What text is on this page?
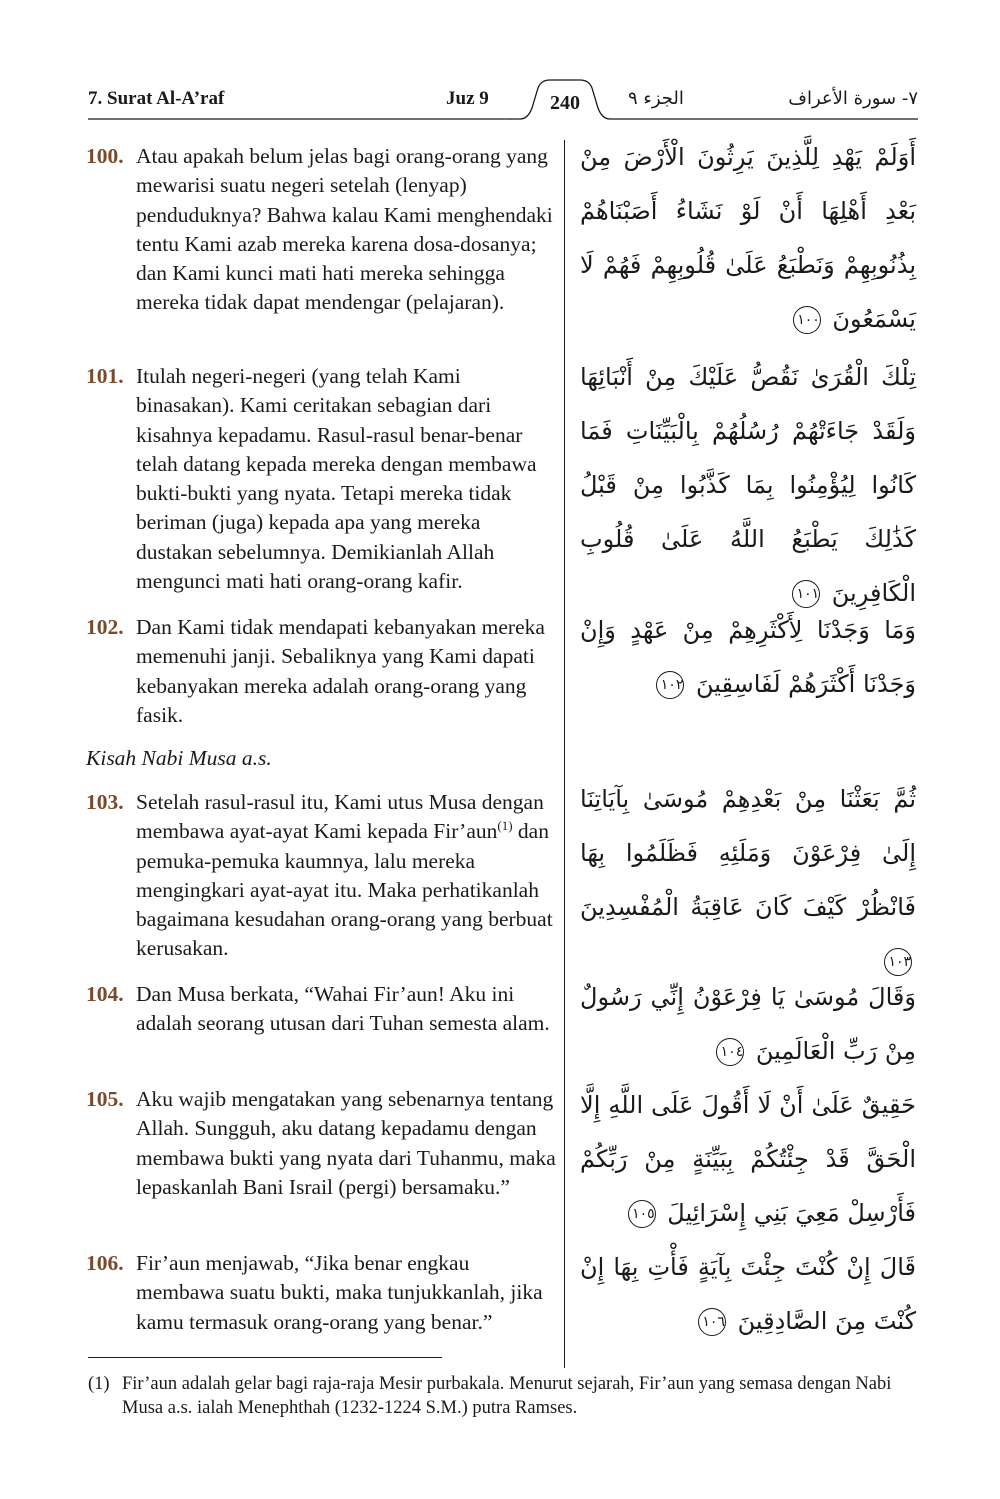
7. Surat Al-A’raf	Juz 9	240	الجزء ٩	٧- سورة الأعراف
100. Atau apakah belum jelas bagi orang-orang yang mewarisi suatu negeri setelah (lenyap) penduduknya? Bahwa kalau Kami menghendaki tentu Kami azab mereka karena dosa-dosanya; dan Kami kunci mati hati mereka sehingga mereka tidak dapat mendengar (pelajaran).
101. Itulah negeri-negeri (yang telah Kami binasakan). Kami ceritakan sebagian dari kisahnya kepadamu. Rasul-rasul benar-benar telah datang kepada mereka dengan membawa bukti-bukti yang nyata. Tetapi mereka tidak beriman (juga) kepada apa yang mereka dustakan sebelumnya. Demikianlah Allah mengunci mati hati orang-orang kafir.
102. Dan Kami tidak mendapati kebanyakan mereka memenuhi janji. Sebaliknya yang Kami dapati kebanyakan mereka adalah orang-orang yang fasik.
Kisah Nabi Musa a.s.
103. Setelah rasul-rasul itu, Kami utus Musa dengan membawa ayat-ayat Kami kepada Fir’aun$^{(1)}$ dan pemuka-pemuka kaumnya, lalu mereka mengingkari ayat-ayat itu. Maka perhatikanlah bagaimana kesudahan orang-orang yang berbuat kerusakan.
104. Dan Musa berkata, “Wahai Fir’aun! Aku ini adalah seorang utusan dari Tuhan semesta alam.
105. Aku wajib mengatakan yang sebenarnya tentang Allah. Sungguh, aku datang kepadamu dengan membawa bukti yang nyata dari Tuhanmu, maka lepaskanlah Bani Israil (pergi) bersamaku.”
106. Fir’aun menjawab, “Jika benar engkau membawa suatu bukti, maka tunjukkanlah, jika kamu termasuk orang-orang yang benar.”
أَوَلَمْ يَهْدِ لِلَّذِينَ يَرِثُونَ الْأَرْضَ مِنْ بَعْدِ أَهْلِهَا أَنْ لَوْ نَشَاءُ أَصَبْنَاهُمْ بِذُنُوبِهِمْ وَنَطْبَعُ عَلَىٰ قُلُوبِهِمْ فَهُمْ لَا يَسْمَعُونَ ١٠٠
تِلْكَ الْقُرَىٰ نَقُصُّ عَلَيْكَ مِنْ أَنْبَائِهَا وَلَقَدْ جَاءَتْهُمْ رُسُلُهُمْ بِالْبَيِّنَاتِ فَمَا كَانُوا لِيُؤْمِنُوا بِمَا كَذَّبُوا مِنْ قَبْلُ كَذَٰلِكَ يَطْبَعُ اللَّهُ عَلَىٰ قُلُوبِ الْكَافِرِينَ ١٠١
وَمَا وَجَدْنَا لِأَكْثَرِهِمْ مِنْ عَهْدٍ وَإِنْ وَجَدْنَا أَكْثَرَهُمْ لَفَاسِقِينَ ١٠٢
ثُمَّ بَعَثْنَا مِنْ بَعْدِهِمْ مُوسَىٰ بِآيَاتِنَا إِلَىٰ فِرْعَوْنَ وَمَلَئِهِ فَظَلَمُوا بِهَا فَانْظُرْ كَيْفَ كَانَ عَاقِبَةُ الْمُفْسِدِينَ ١٠٣
وَقَالَ مُوسَىٰ يَا فِرْعَوْنُ إِنِّي رَسُولٌ مِنْ رَبِّ الْعَالَمِينَ ١٠٤
حَقِيقٌ عَلَىٰ أَنْ لَا أَقُولَ عَلَى اللَّهِ إِلَّا الْحَقَّ قَدْ جِئْتُكُمْ بِبَيِّنَةٍ مِنْ رَبِّكُمْ فَأَرْسِلْ مَعِيَ بَنِي إِسْرَائِيلَ ١٠٥
قَالَ إِنْ كُنْتَ جِئْتَ بِآيَةٍ فَأْتِ بِهَا إِنْ كُنْتَ مِنَ الصَّادِقِينَ ١٠٦
(1) Fir’aun adalah gelar bagi raja-raja Mesir purbakala. Menurut sejarah, Fir’aun yang semasa dengan Nabi Musa a.s. ialah Menephthah (1232-1224 S.M.) putra Ramses.
